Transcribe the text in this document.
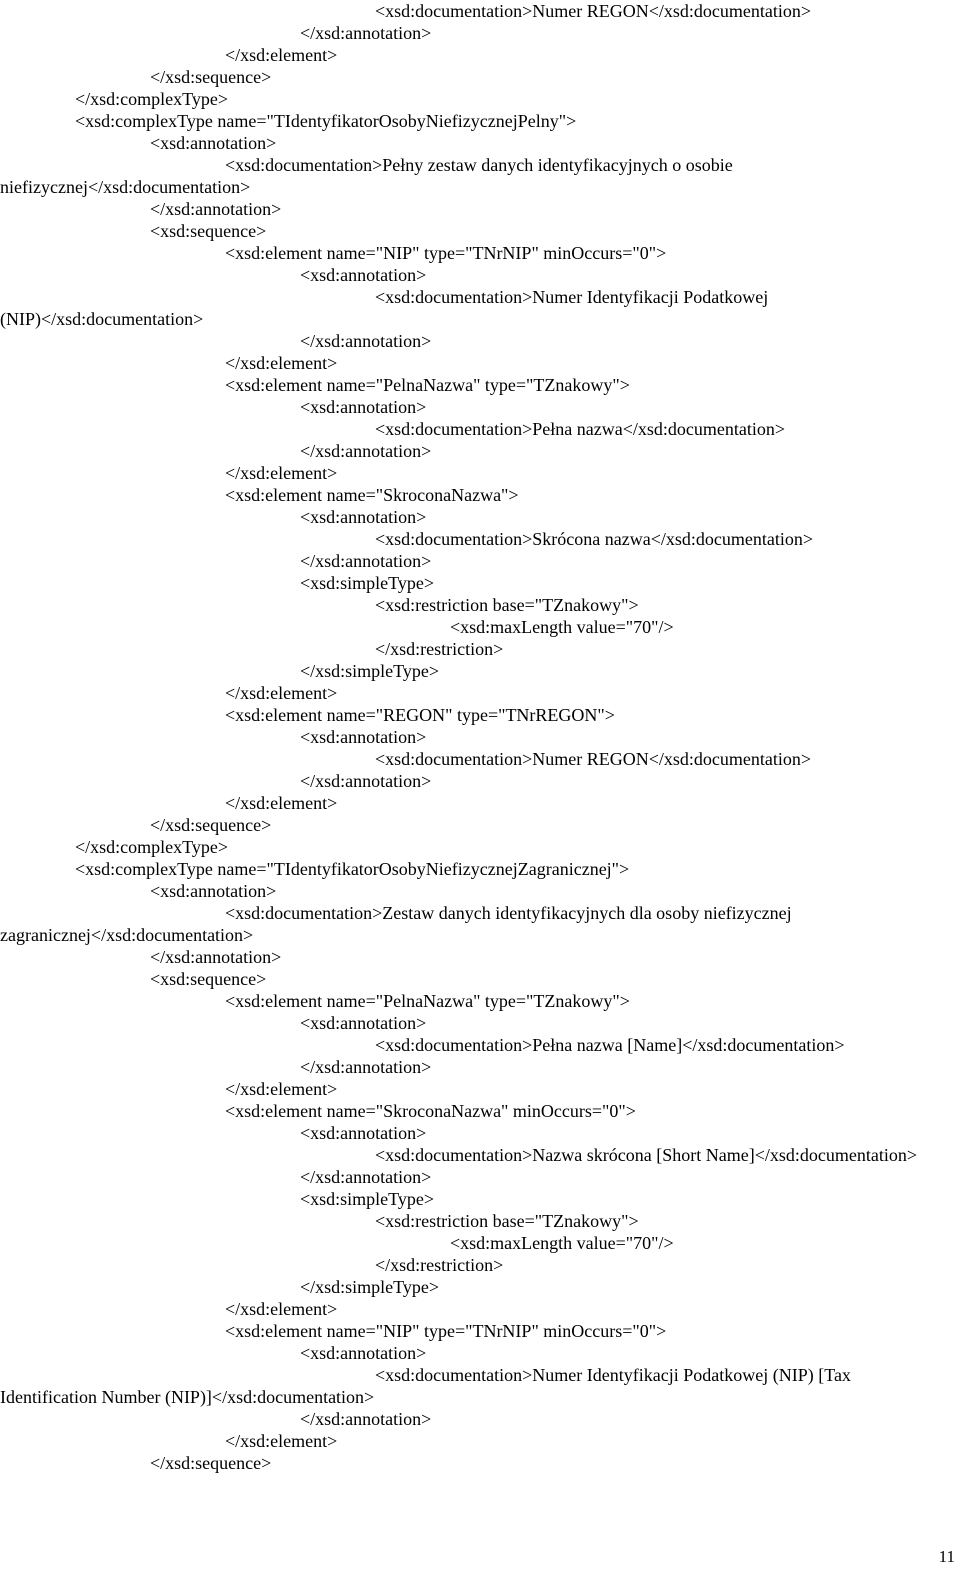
<xsd:documentation>Numer REGON</xsd:documentation>
</xsd:annotation>
</xsd:element>
</xsd:sequence>
</xsd:complexType>
<xsd:complexType name="TIdentyfikatorOsobyNiefizycznejPelny">
<xsd:annotation>
<xsd:documentation>Pełny zestaw danych identyfikacyjnych o osobie
niefizycznej</xsd:documentation>
</xsd:annotation>
<xsd:sequence>
<xsd:element name="NIP" type="TNrNIP" minOccurs="0">
<xsd:annotation>
<xsd:documentation>Numer Identyfikacji Podatkowej
(NIP)</xsd:documentation>
</xsd:annotation>
</xsd:element>
<xsd:element name="PelnaNazwa" type="TZnakowy">
<xsd:annotation>
<xsd:documentation>Pełna nazwa</xsd:documentation>
</xsd:annotation>
</xsd:element>
<xsd:element name="SkroconaNazwa">
<xsd:annotation>
<xsd:documentation>Skrócona nazwa</xsd:documentation>
</xsd:annotation>
<xsd:simpleType>
<xsd:restriction base="TZnakowy">
<xsd:maxLength value="70"/>
</xsd:restriction>
</xsd:simpleType>
</xsd:element>
<xsd:element name="REGON" type="TNrREGON">
<xsd:annotation>
<xsd:documentation>Numer REGON</xsd:documentation>
</xsd:annotation>
</xsd:element>
</xsd:sequence>
</xsd:complexType>
<xsd:complexType name="TIdentyfikatorOsobyNiefizycznejZagranicznej">
<xsd:annotation>
<xsd:documentation>Zestaw danych identyfikacyjnych dla osoby niefizycznej
zagranicznej</xsd:documentation>
</xsd:annotation>
<xsd:sequence>
<xsd:element name="PelnaNazwa" type="TZnakowy">
<xsd:annotation>
<xsd:documentation>Pełna nazwa [Name]</xsd:documentation>
</xsd:annotation>
</xsd:element>
<xsd:element name="SkroconaNazwa" minOccurs="0">
<xsd:annotation>
<xsd:documentation>Nazwa skrócona [Short Name]</xsd:documentation>
</xsd:annotation>
<xsd:simpleType>
<xsd:restriction base="TZnakowy">
<xsd:maxLength value="70"/>
</xsd:restriction>
</xsd:simpleType>
</xsd:element>
<xsd:element name="NIP" type="TNrNIP" minOccurs="0">
<xsd:annotation>
<xsd:documentation>Numer Identyfikacji Podatkowej (NIP) [Tax
Identification Number (NIP)]</xsd:documentation>
</xsd:annotation>
</xsd:element>
</xsd:sequence>
11
